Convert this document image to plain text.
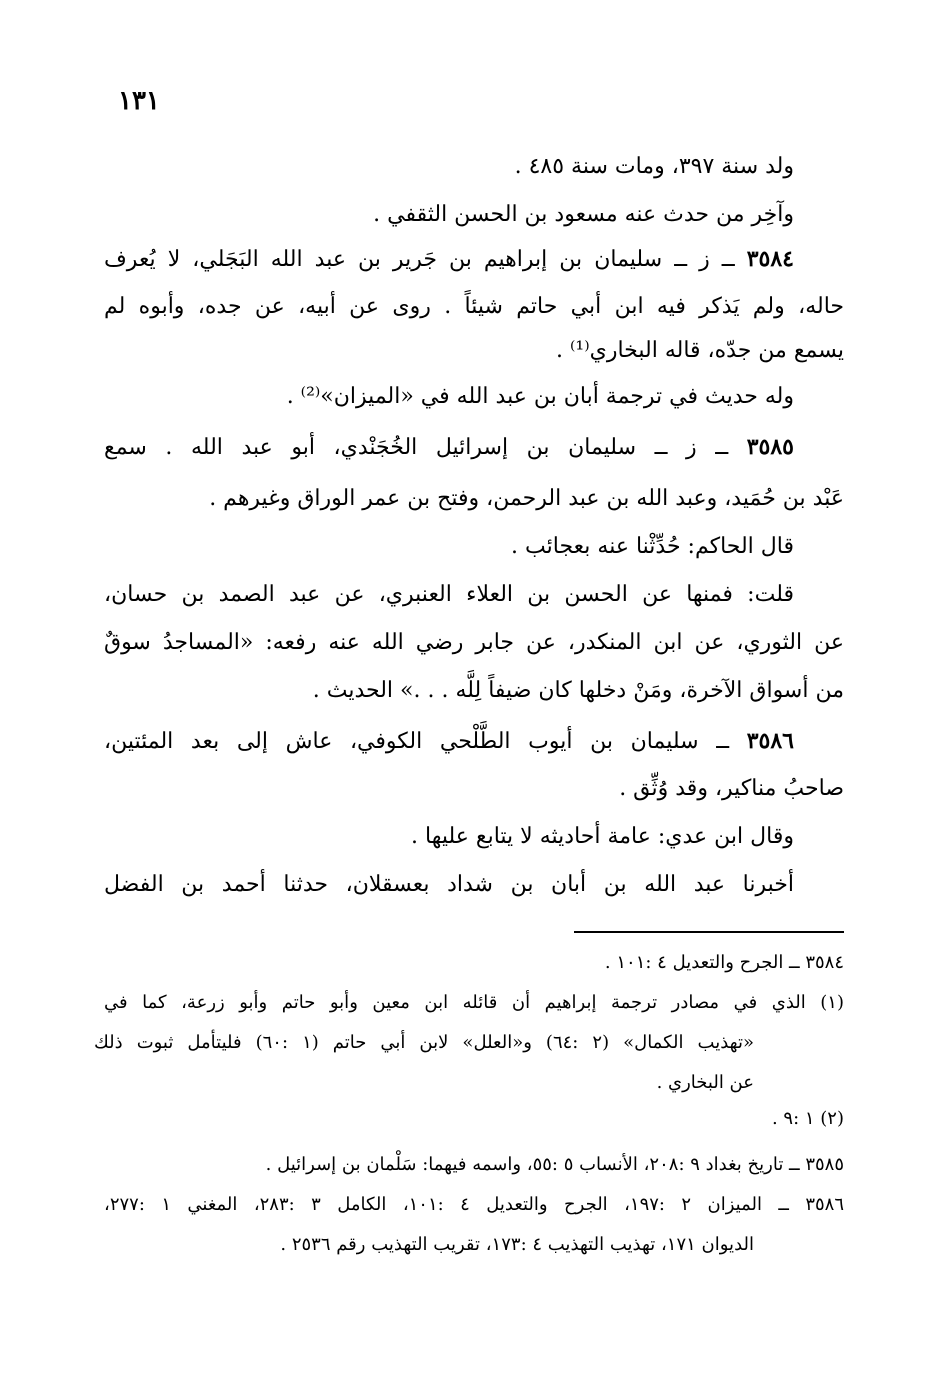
١٣١
ولد سنة ٣٩٧، ومات سنة ٤٨٥ .
وآخِر من حدث عنه مسعود بن الحسن الثقفي .
٣٥٨٤ ــ ز ــ سليمان بن إبراهيم بن جَرير بن عبد الله البَجَلي، لا يُعرف
حاله، ولم يَذكر فيه ابن أبي حاتم شيئاً . روى عن أبيه، عن جده، وأبوه لم
يسمع من جدّه، قاله البخاري⁽¹⁾ .
وله حديث في ترجمة أبان بن عبد الله في «الميزان»⁽²⁾ .
٣٥٨٥ ــ ز ــ سليمان بن إسرائيل الخُجَنْدي، أبو عبد الله . سمع
عَبْد بن حُمَيد، وعبد الله بن عبد الرحمن، وفتح بن عمر الوراق وغيرهم .
قال الحاكم: حُدِّثْنا عنه بعجائب .
قلت: فمنها عن الحسن بن العلاء العنبري، عن عبد الصمد بن حسان،
عن الثوري، عن ابن المنكدر، عن جابر رضي الله عنه رفعه: «المساجدُ سوقٌ
من أسواق الآخرة، ومَنْ دخلها كان ضيفاً لِلَّه . . .» الحديث .
٣٥٨٦ ــ سليمان بن أيوب الطَّلْحي الكوفي، عاش إلى بعد المئتين،
صاحبُ مناكير، وقد وُثِّق .
وقال ابن عدي: عامة أحاديثه لا يتابع عليها .
أخبرنا عبد الله بن أبان بن شداد بعسقلان، حدثنا أحمد بن الفضل
٣٥٨٤ ــ الجرح والتعديل ٤ :١٠١ .
(١) الذي في مصادر ترجمة إبراهيم أن قائله ابن معين وأبو حاتم وأبو زرعة، كما في
«تهذيب الكمال» (٢ :٦٤) و«العلل» لابن أبي حاتم (١ :٦٠) فليتأمل ثبوت ذلك
عن البخاري .
(٢) ١ :٩ .
٣٥٨٥ ــ تاريخ بغداد ٩ :٢٠٨، الأنساب ٥ :٥٥، واسمه فيهما: سَلْمان بن إسرائيل .
٣٥٨٦ ــ الميزان ٢ :١٩٧، الجرح والتعديل ٤ :١٠١، الكامل ٣ :٢٨٣، المغني ١ :٢٧٧،
الديوان ١٧١، تهذيب التهذيب ٤ :١٧٣، تقريب التهذيب رقم ٢٥٣٦ .
